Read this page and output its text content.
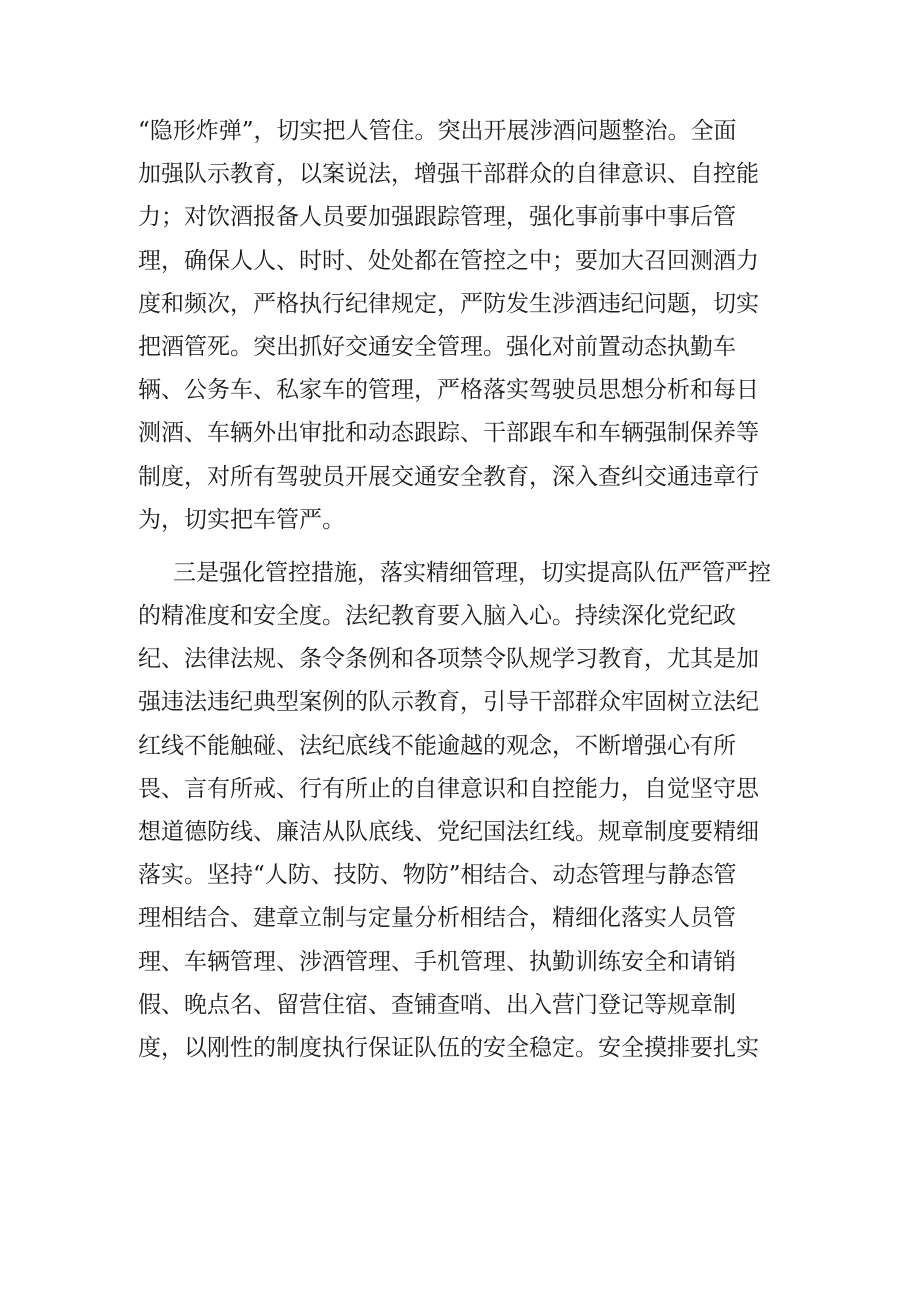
“隐形炸弹”，切实把人管住。突出开展涉酒问题整治。全面
加强队示教育，以案说法，增强干部群众的自律意识、自控能
力；对饮酒报备人员要加强跟踪管理，强化事前事中事后管
理，确保人人、时时、处处都在管控之中；要加大召回测酒力
度和频次，严格执行纪律规定，严防发生涉酒违纪问题，切实
把酒管死。突出抓好交通安全管理。强化对前置动态执勤车
辆、公务车、私家车的管理，严格落实驾驶员思想分析和每日
测酒、车辆外出审批和动态跟踪、干部跟车和车辆强制保养等
制度，对所有驾驶员开展交通安全教育，深入查纠交通违章行
为，切实把车管严。
三是强化管控措施，落实精细管理，切实提高队伍严管严控
的精准度和安全度。法纪教育要入脑入心。持续深化党纪政
纪、法律法规、条令条例和各项禁令队规学习教育，尤其是加
强违法违纪典型案例的队示教育，引导干部群众牢固树立法纪
红线不能触碰、法纪底线不能逾越的观念，不断增强心有所
畏、言有所戒、行有所止的自律意识和自控能力，自觉坚守思
想道德防线、廉洁从队底线、党纪国法红线。规章制度要精细
落实。坚持“人防、技防、物防”相结合、动态管理与静态管
理相结合、建章立制与定量分析相结合，精细化落实人员管
理、车辆管理、涉酒管理、手机管理、执勤训练安全和请销
假、晚点名、留营住宿、查铺查哨、出入营门登记等规章制
度，以刚性的制度执行保证队伍的安全稳定。安全摸排要扎实
